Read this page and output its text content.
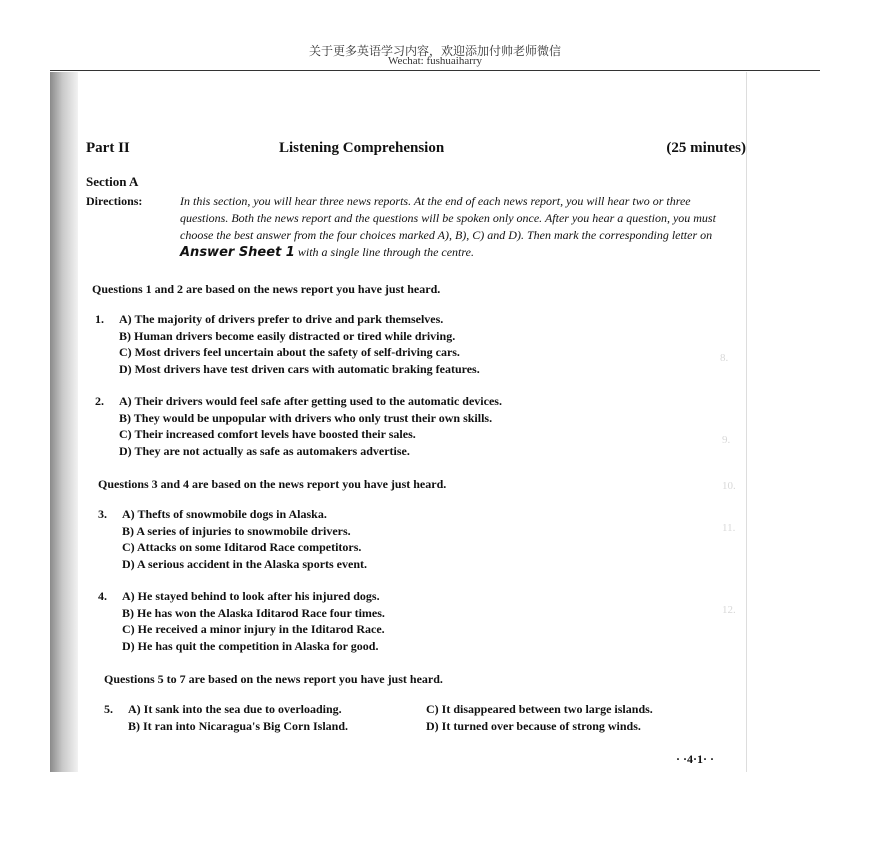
关于更多英语学习内容，欢迎添加付帅老师微信
Wechat: fushuaiharry
8.
9.
10.
11.
12.
Part II	Listening Comprehension	(25 minutes)
Section A
Directions:	In this section, you will hear three news reports. At the end of each news report, you will hear two or three questions. Both the news report and the questions will be spoken only once. After you hear a question, you must choose the best answer from the four choices marked A), B), C) and D). Then mark the corresponding letter on Answer Sheet 1 with a single line through the centre.
Questions 1 and 2 are based on the news report you have just heard.
1.	A) The majority of drivers prefer to drive and park themselves.
B) Human drivers become easily distracted or tired while driving.
C) Most drivers feel uncertain about the safety of self-driving cars.
D) Most drivers have test driven cars with automatic braking features.
2.	A) Their drivers would feel safe after getting used to the automatic devices.
B) They would be unpopular with drivers who only trust their own skills.
C) Their increased comfort levels have boosted their sales.
D) They are not actually as safe as automakers advertise.
Questions 3 and 4 are based on the news report you have just heard.
3.	A) Thefts of snowmobile dogs in Alaska.
B) A series of injuries to snowmobile drivers.
C) Attacks on some Iditarod Race competitors.
D) A serious accident in the Alaska sports event.
4.	A) He stayed behind to look after his injured dogs.
B) He has won the Alaska Iditarod Race four times.
C) He received a minor injury in the Iditarod Race.
D) He has quit the competition in Alaska for good.
Questions 5 to 7 are based on the news report you have just heard.
5.	A) It sank into the sea due to overloading.	C) It disappeared between two large islands.
B) It ran into Nicaragua's Big Corn Island.	D) It turned over because of strong winds.
· ·4·1· ·
